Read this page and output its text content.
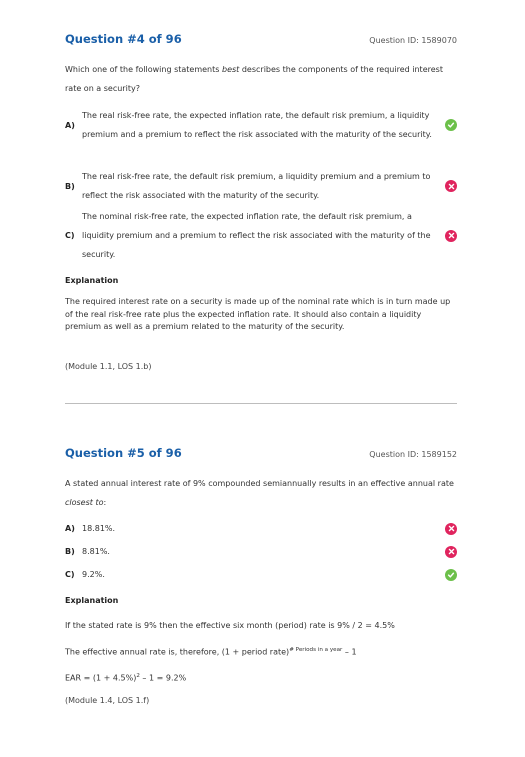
Question #4 of 96	Question ID: 1589070
Which one of the following statements best describes the components of the required interest rate on a security?
A)
The real risk-free rate, the expected inflation rate, the default risk premium, a liquidity premium and a premium to reflect the risk associated with the maturity of the security.
B)
The real risk-free rate, the default risk premium, a liquidity premium and a premium to reflect the risk associated with the maturity of the security.
C)
The nominal risk-free rate, the expected inflation rate, the default risk premium, a liquidity premium and a premium to reflect the risk associated with the maturity of the security.
Explanation
The required interest rate on a security is made up of the nominal rate which is in turn made up of the real risk-free rate plus the expected inflation rate. It should also contain a liquidity premium as well as a premium related to the maturity of the security.
(Module 1.1, LOS 1.b)
Question #5 of 96	Question ID: 1589152
A stated annual interest rate of 9% compounded semiannually results in an effective annual rate closest to:
A) 18.81%.
B) 8.81%.
C) 9.2%.
Explanation
If the stated rate is 9% then the effective six month (period) rate is 9% / 2 = 4.5%
The effective annual rate is, therefore, (1 + period rate)$^{\# Periods in a year}$ – 1
EAR = $(1 + 4.5\%)^2 - 1 = 9.2\%$
(Module 1.4, LOS 1.f)
